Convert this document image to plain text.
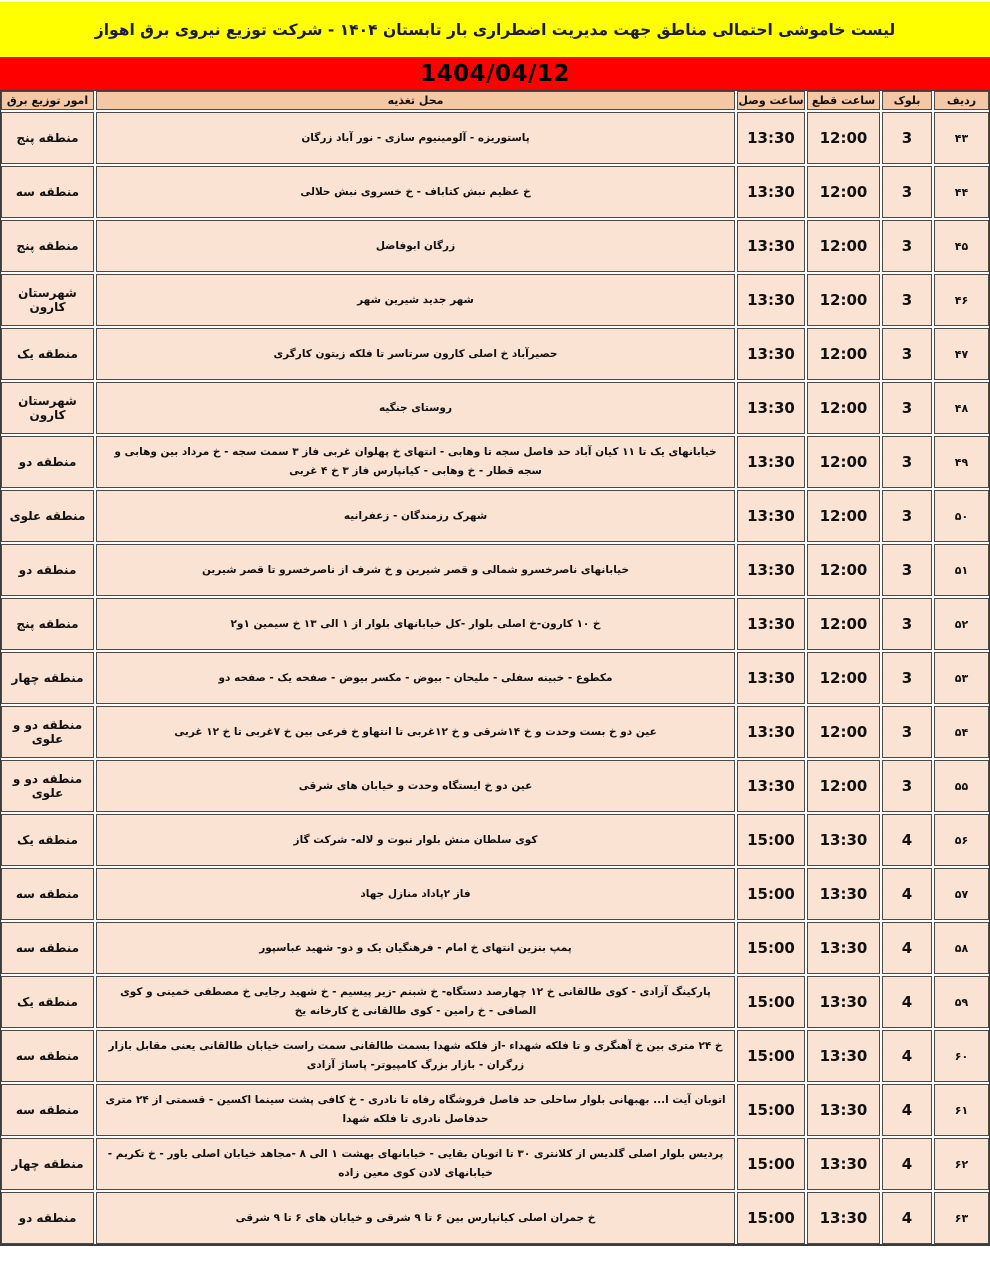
لیست خاموشی احتمالی مناطق جهت مدیریت اضطراری بار تابستان ۱۴۰۴ - شرکت توزیع نیروی برق اهواز
1404/04/12
ردیف
بلوک
ساعت قطع
ساعت وصل
محل تغذیه
امور توزیع برق
۴۳
3
12:00
13:30
پاستوریزه - آلومینیوم سازی - نور آباد زرگان
منطقه پنج
۴۴
3
12:00
13:30
خ عظیم نبش کتاباف - خ خسروی نبش حلالی
منطقه سه
۴۵
3
12:00
13:30
زرگان ابوفاضل
منطقه پنج
۴۶
3
12:00
13:30
شهر جدید شیرین شهر
شهرستان کارون
۴۷
3
12:00
13:30
حصیرآباد خ اصلی کارون سرتاسر تا فلکه زیتون کارگری
منطقه یک
۴۸
3
12:00
13:30
روستای جنگیه
شهرستان کارون
۴۹
3
12:00
13:30
خیابانهای یک تا ۱۱ کیان آباد حد فاصل سجه تا وهابی - انتهای خ پهلوان غربی فاز ۳ سمت سجه - خ مرداد بین وهابی و سجه قطار - خ وهابی - کیانپارس فاز ۳ خ ۴ غربی
منطقه دو
۵۰
3
12:00
13:30
شهرک رزمندگان - زعفرانیه
منطقه علوی
۵۱
3
12:00
13:30
خیابانهای ناصرخسرو شمالی و قصر شیرین و خ شرف از ناصرخسرو تا قصر شیرین
منطقه دو
۵۲
3
12:00
13:30
خ ۱۰ کارون-خ اصلی بلوار -کل خیابانهای بلوار از ۱ الی ۱۳ خ سیمین ۱و۲
منطقه پنج
۵۳
3
12:00
13:30
مکطوع - خبینه سفلی - ملیحان - بیوض - مکسر بیوض - صفحه یک - صفحه دو
منطقه چهار
۵۴
3
12:00
13:30
عین دو خ بست وحدت و خ ۱۴شرقی و خ ۱۲غربی تا انتهاو خ فرعی بین خ ۷غربی تا خ ۱۲ غربی
منطقه دو و علوی
۵۵
3
12:00
13:30
عین دو خ ایستگاه وحدت و خیابان های شرقی
منطقه دو و علوی
۵۶
4
13:30
15:00
کوی سلطان منش بلوار نبوت و لاله- شرکت گاز
منطقه یک
۵۷
4
13:30
15:00
فاز ۲پاداد منازل جهاد
منطقه سه
۵۸
4
13:30
15:00
پمپ بنزین انتهای خ امام - فرهنگیان یک و دو- شهید عباسپور
منطقه سه
۵۹
4
13:30
15:00
پارکینگ آزادی - کوی طالقانی خ ۱۲ چهارصد دستگاه- خ شبنم -زیر پیسیم - خ شهید رجایی خ مصطفی خمینی و کوی الصافی - خ رامین - کوی طالقانی خ کارخانه یخ
منطقه یک
۶۰
4
13:30
15:00
خ ۲۴ متری بین خ آهنگری و تا فلکه شهداء -از فلکه شهدا بسمت طالقانی سمت راست خیابان طالقانی یعنی مقابل بازار زرگران - بازار بزرگ کامپیوتر- پاساژ آزادی
منطقه سه
۶۱
4
13:30
15:00
اتوبان آیت ا... بهبهانی بلوار ساحلی حد فاصل فروشگاه رفاه تا نادری - خ کافی پشت سینما اکسین - قسمتی از ۲۴ متری حدفاصل نادری تا فلکه شهدا
منطقه سه
۶۲
4
13:30
15:00
پردیس بلوار اصلی گلدیس از کلانتری ۳۰ تا اتوبان بقایی - خیابانهای بهشت ۱ الی ۸ -مجاهد خیابان اصلی یاور - خ تکریم - خیابانهای لادن کوی معین زاده
منطقه چهار
۶۳
4
13:30
15:00
خ جمران اصلی کیانپارس بین ۶ تا ۹ شرقی و خیابان های ۶ تا ۹ شرقی
منطقه دو
